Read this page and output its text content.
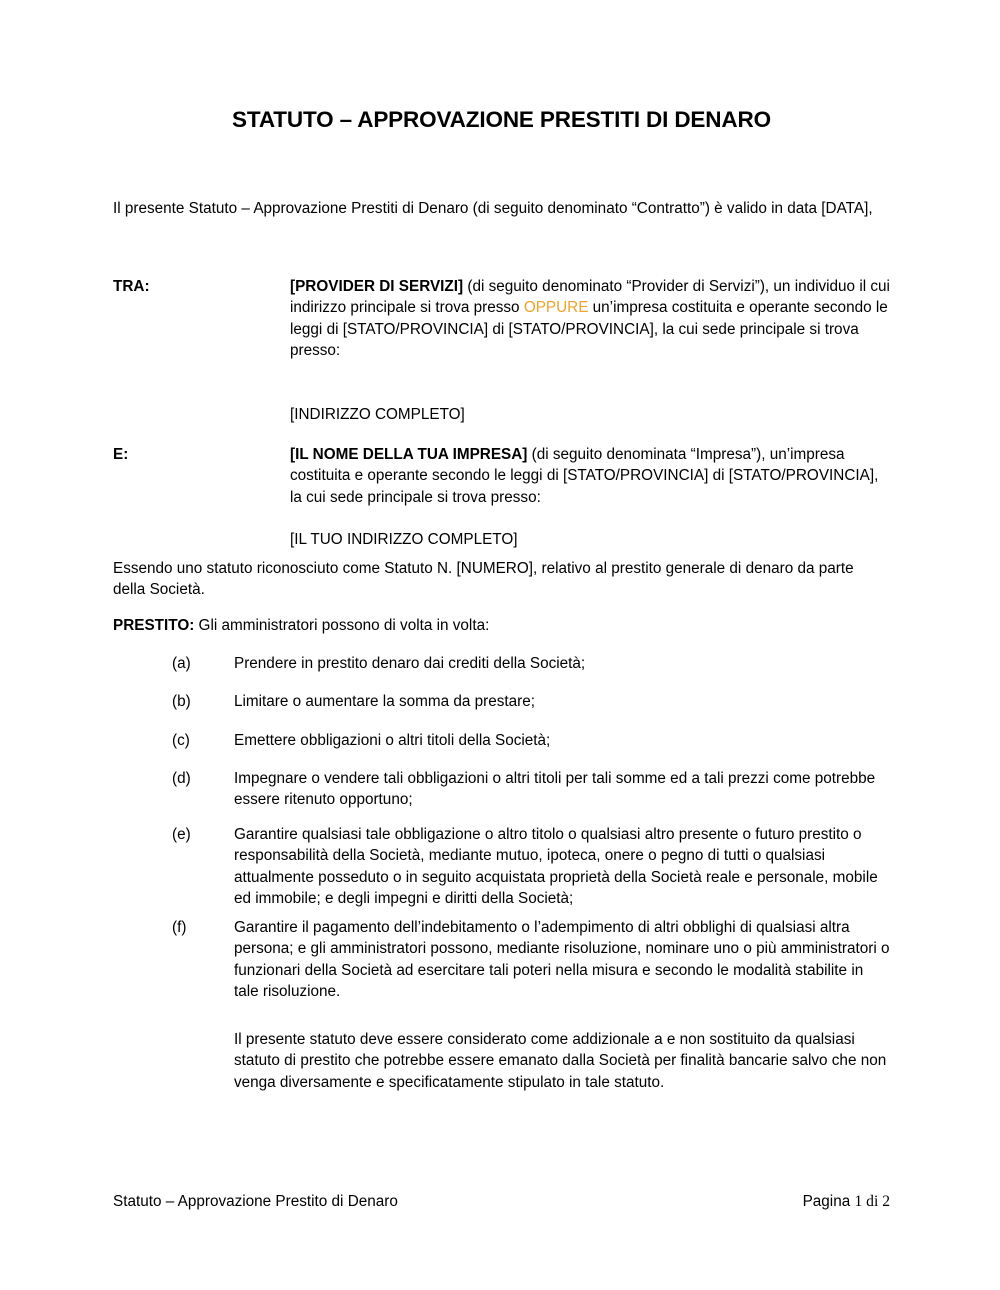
STATUTO – APPROVAZIONE PRESTITI DI DENARO
Il presente Statuto – Approvazione Prestiti di Denaro (di seguito denominato “Contratto”) è valido in data [DATA],
TRA:	[PROVIDER DI SERVIZI] (di seguito denominato “Provider di Servizi”), un individuo il cui indirizzo principale si trova presso OPPURE un’impresa costituita e operante secondo le leggi di [STATO/PROVINCIA] di [STATO/PROVINCIA], la cui sede principale si trova presso:
[INDIRIZZO COMPLETO]
E:	[IL NOME DELLA TUA IMPRESA] (di seguito denominata “Impresa”), un’impresa costituita e operante secondo le leggi di [STATO/PROVINCIA] di [STATO/PROVINCIA], la cui sede principale si trova presso:
[IL TUO INDIRIZZO COMPLETO]
Essendo uno statuto riconosciuto come Statuto N. [NUMERO], relativo al prestito generale di denaro da parte della Società.
PRESTITO: Gli amministratori possono di volta in volta:
(a)	Prendere in prestito denaro dai crediti della Società;
(b)	Limitare o aumentare la somma da prestare;
(c)	Emettere obbligazioni o altri titoli della Società;
(d)	Impegnare o vendere tali obbligazioni o altri titoli per tali somme ed a tali prezzi come potrebbe essere ritenuto opportuno;
(e)	Garantire qualsiasi tale obbligazione o altro titolo o qualsiasi altro presente o futuro prestito o responsabilità della Società, mediante mutuo, ipoteca, onere o pegno di tutti o qualsiasi attualmente posseduto o in seguito acquistata proprietà della Società reale e personale, mobile ed immobile; e degli impegni e diritti della Società;
(f)	Garantire il pagamento dell’indebitamento o l’adempimento di altri obblighi di qualsiasi altra persona; e gli amministratori possono, mediante risoluzione, nominare uno o più amministratori o funzionari della Società ad esercitare tali poteri nella misura e secondo le modalità stabilite in tale risoluzione.
Il presente statuto deve essere considerato come addizionale a e non sostituito da qualsiasi statuto di prestito che potrebbe essere emanato dalla Società per finalità bancarie salvo che non venga diversamente e specificatamente stipulato in tale statuto.
Statuto – Approvazione Prestito di Denaro	Pagina 1 di 2
